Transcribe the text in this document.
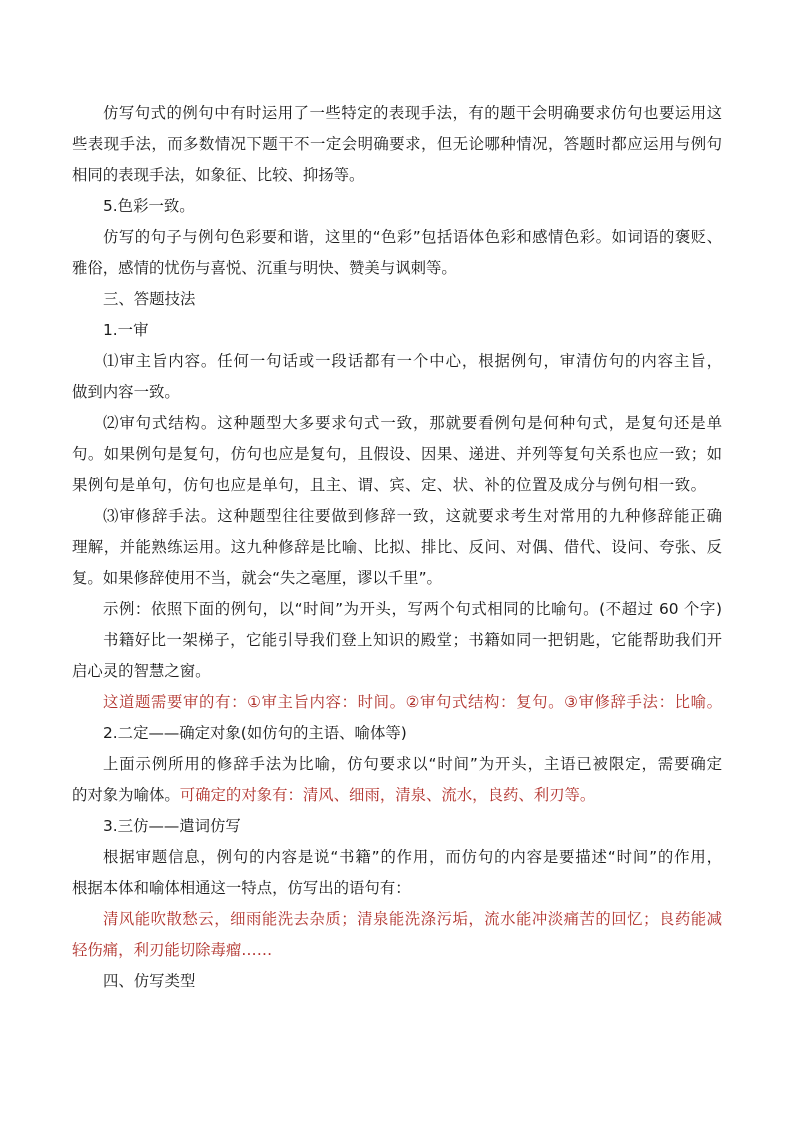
仿写句式的例句中有时运用了一些特定的表现手法，有的题干会明确要求仿句也要运用这
些表现手法，而多数情况下题干不一定会明确要求，但无论哪种情况，答题时都应运用与例句
相同的表现手法，如象征、比较、抑扬等。
5.色彩一致。
仿写的句子与例句色彩要和谐，这里的“色彩”包括语体色彩和感情色彩。如词语的褒贬、
雅俗，感情的忧伤与喜悦、沉重与明快、赞美与讽刺等。
三、答题技法
1.一审
⑴审主旨内容。任何一句话或一段话都有一个中心，根据例句，审清仿句的内容主旨，
做到内容一致。
⑵审句式结构。这种题型大多要求句式一致，那就要看例句是何种句式，是复句还是单
句。如果例句是复句，仿句也应是复句，且假设、因果、递进、并列等复句关系也应一致；如
果例句是单句，仿句也应是单句，且主、谓、宾、定、状、补的位置及成分与例句相一致。
⑶审修辞手法。这种题型往往要做到修辞一致，这就要求考生对常用的九种修辞能正确
理解，并能熟练运用。这九种修辞是比喻、比拟、排比、反问、对偶、借代、设问、夸张、反
复。如果修辞使用不当，就会“失之毫厘，谬以千里”。
示例：依照下面的例句，以“时间”为开头，写两个句式相同的比喻句。(不超过 60 个字)
书籍好比一架梯子，它能引导我们登上知识的殿堂；书籍如同一把钥匙，它能帮助我们开
启心灵的智慧之窗。
这道题需要审的有：①审主旨内容：时间。②审句式结构：复句。③审修辞手法：比喻。
2.二定——确定对象(如仿句的主语、喻体等)
上面示例所用的修辞手法为比喻，仿句要求以“时间”为开头，主语已被限定，需要确定
的对象为喻体。可确定的对象有：清风、细雨，清泉、流水，良药、利刃等。
3.三仿——遣词仿写
根据审题信息，例句的内容是说“书籍”的作用，而仿句的内容是要描述“时间”的作用，
根据本体和喻体相通这一特点，仿写出的语句有：
清风能吹散愁云，细雨能洗去杂质；清泉能洗涤污垢，流水能冲淡痛苦的回忆；良药能减
轻伤痛，利刃能切除毒瘤……
四、仿写类型
